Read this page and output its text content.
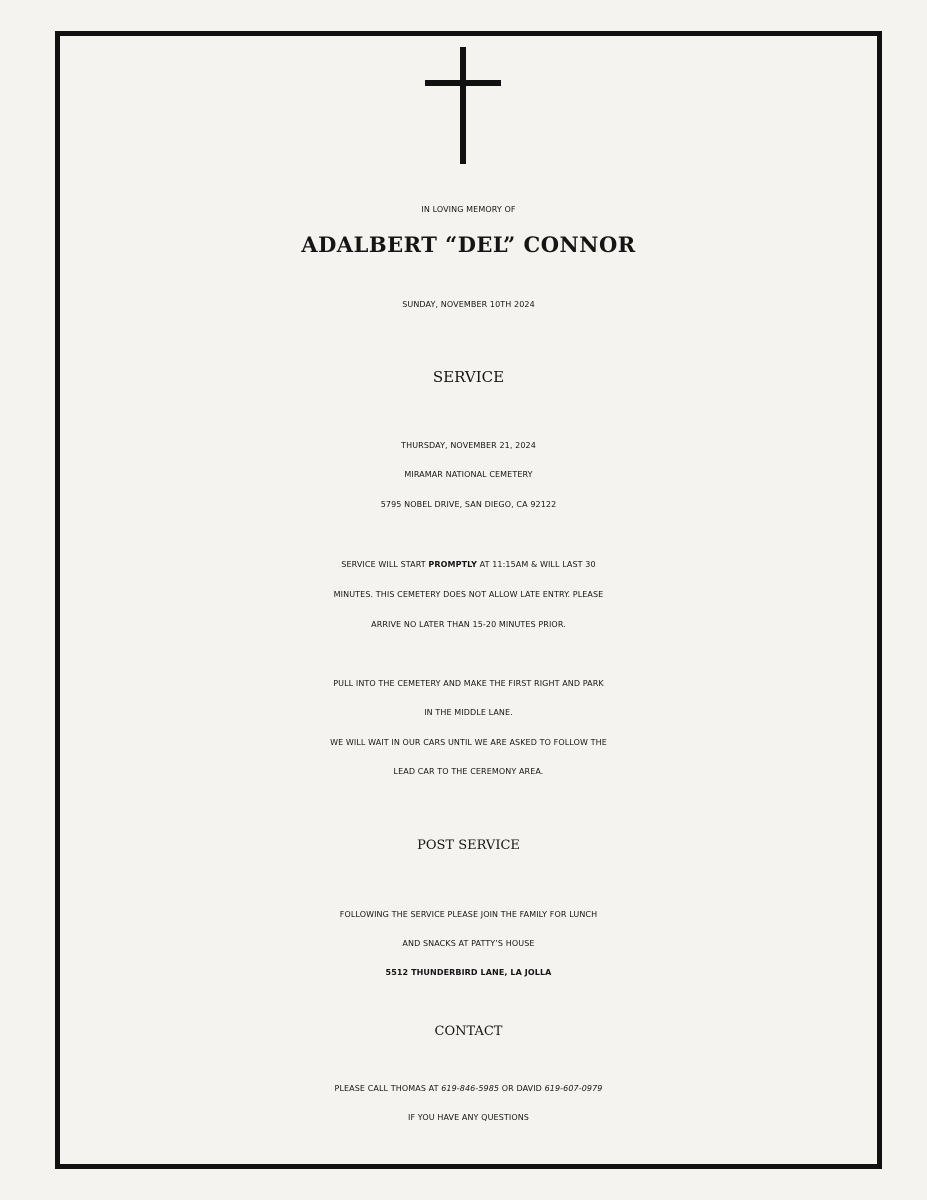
IN LOVING MEMORY OF
ADALBERT “DEL” CONNOR
SUNDAY, NOVEMBER 10TH 2024
SERVICE
THURSDAY, NOVEMBER 21, 2024
MIRAMAR NATIONAL CEMETERY
5795 NOBEL DRIVE, SAN DIEGO, CA 92122
SERVICE WILL START PROMPTLY AT 11:15AM & WILL LAST 30
MINUTES. THIS CEMETERY DOES NOT ALLOW LATE ENTRY. PLEASE
ARRIVE NO LATER THAN 15-20 MINUTES PRIOR.
PULL INTO THE CEMETERY AND MAKE THE FIRST RIGHT AND PARK
IN THE MIDDLE LANE.
WE WILL WAIT IN OUR CARS UNTIL WE ARE ASKED TO FOLLOW THE
LEAD CAR TO THE CEREMONY AREA.
POST SERVICE
FOLLOWING THE SERVICE PLEASE JOIN THE FAMILY FOR LUNCH
AND SNACKS AT PATTY’S HOUSE
5512 THUNDERBIRD LANE, LA JOLLA
CONTACT
PLEASE CALL THOMAS AT 619-846-5985 OR DAVID 619-607-0979
IF YOU HAVE ANY QUESTIONS
